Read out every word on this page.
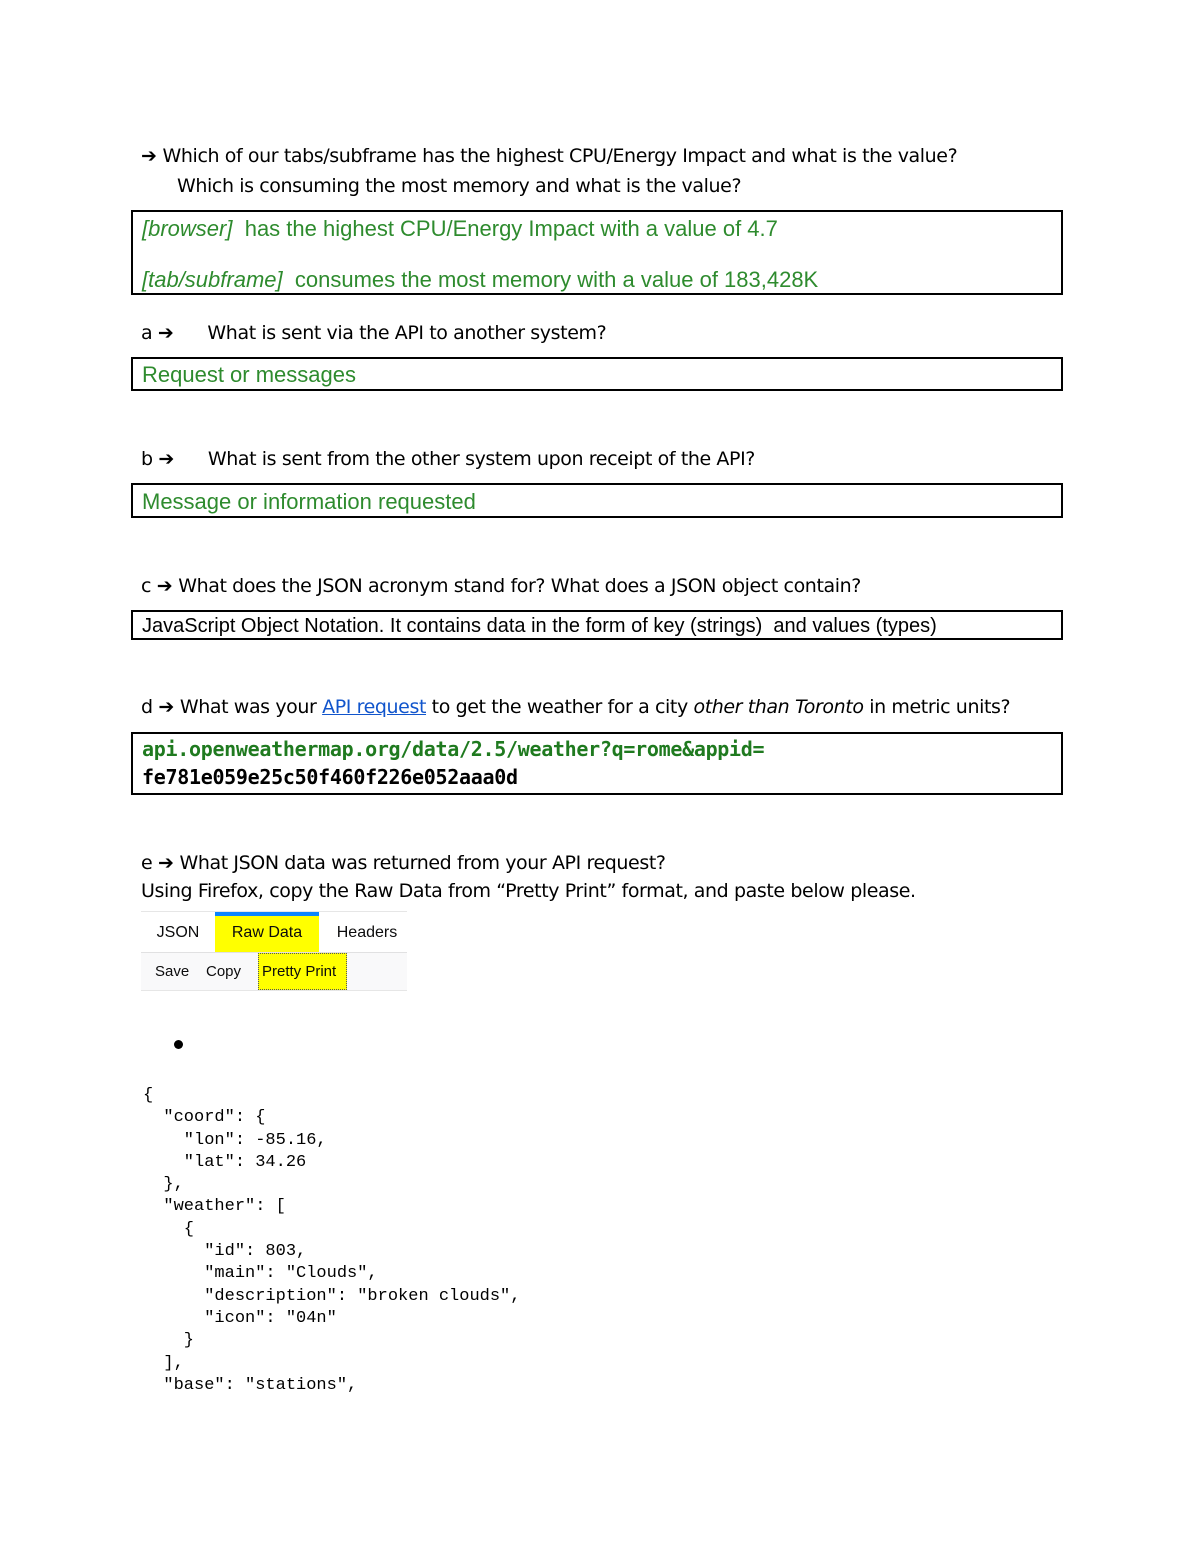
➔ Which of our tabs/subframe has the highest CPU/Energy Impact and what is the value?
Which is consuming the most memory and what is the value?
[browser]  has the highest CPU/Energy Impact with a value of 4.7
[tab/subframe]  consumes the most memory with a value of 183,428K
a ➔ What is sent via the API to another system?
Request or messages
b ➔ What is sent from the other system upon receipt of the API?
Message or information requested
c ➔ What does the JSON acronym stand for? What does a JSON object contain?
JavaScript Object Notation. It contains data in the form of key (strings)  and values (types)
d ➔ What was your API request to get the weather for a city other than Toronto in metric units?
api.openweathermap.org/data/2.5/weather?q=rome&appid=
fe781e059e25c50f460f226e052aaa0d
e ➔ What JSON data was returned from your API request?
Using Firefox, copy the Raw Data from “Pretty Print” format, and paste below please.
JSON	Raw Data	Headers
Save Copy Pretty Print
{
"coord": {
"lon": -85.16,
"lat": 34.26
},
"weather": [
{
"id": 803,
"main": "Clouds",
"description": "broken clouds",
"icon": "04n"
}
],
"base": "stations",
